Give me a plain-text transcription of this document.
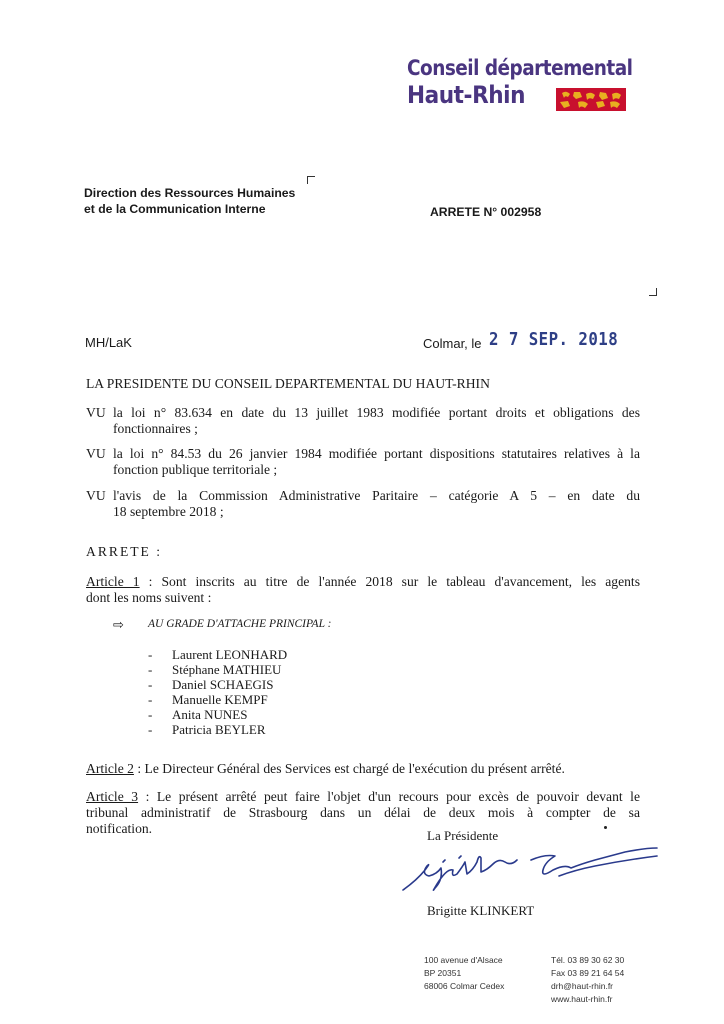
Conseil départemental
Haut-Rhin
Direction des Ressources Humaines
et de la Communication Interne	ARRETE N° 002958
MH/LaK	Colmar, le 2 7 SEP. 2018
LA PRESIDENTE DU CONSEIL DEPARTEMENTAL DU HAUT-RHIN
VU la loi n° 83.634 en date du 13 juillet 1983 modifiée portant droits et obligations des
fonctionnaires ;
VU la loi n° 84.53 du 26 janvier 1984 modifiée portant dispositions statutaires relatives à la
fonction publique territoriale ;
VU l'avis de la Commission Administrative Paritaire – catégorie A 5 – en date du
18 septembre 2018 ;
ARRETE :
Article 1 : Sont inscrits au titre de l'année 2018 sur le tableau d'avancement, les agents
dont les noms suivent :
⇨ AU GRADE D'ATTACHE PRINCIPAL :
-	Laurent LEONHARD
-	Stéphane MATHIEU
-	Daniel SCHAEGIS
-	Manuelle KEMPF
-	Anita NUNES
-	Patricia BEYLER
Article 2 : Le Directeur Général des Services est chargé de l'exécution du présent arrêté.
Article 3 : Le présent arrêté peut faire l'objet d'un recours pour excès de pouvoir devant le
tribunal administratif de Strasbourg dans un délai de deux mois à compter de sa
notification.	La Présidente
Brigitte KLINKERT
100 avenue d'Alsace
BP 20351
68006 Colmar Cedex
Tél. 03 89 30 62 30
Fax 03 89 21 64 54
drh@haut-rhin.fr
www.haut-rhin.fr
